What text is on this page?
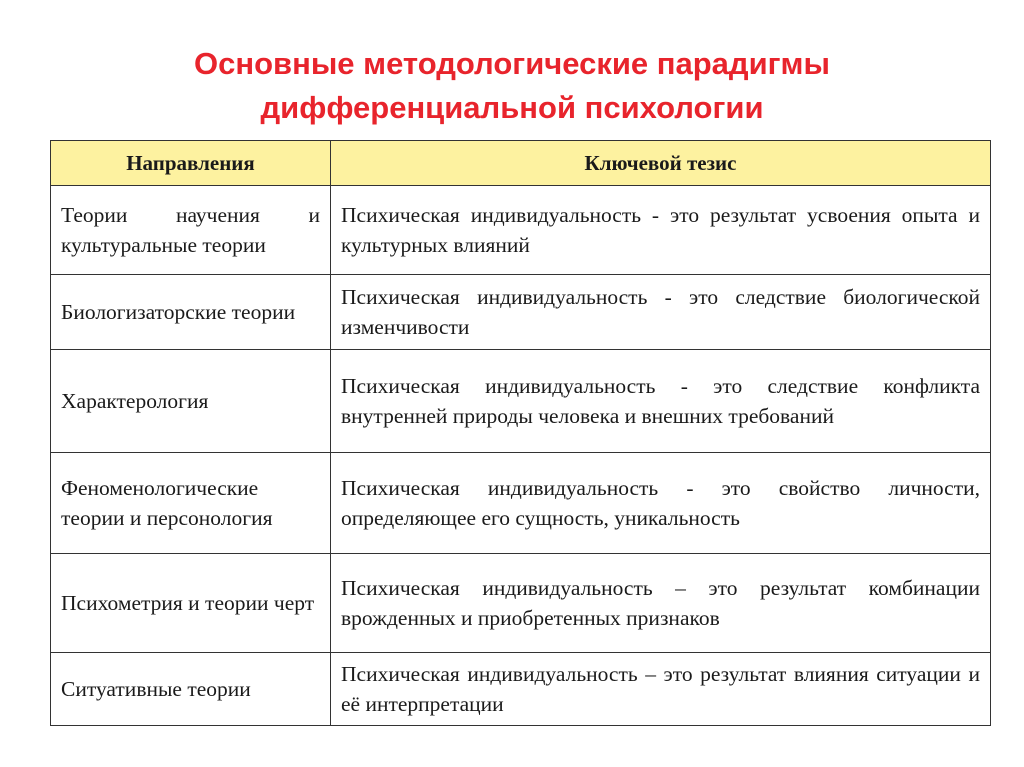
Основные методологические парадигмы
дифференциальной психологии
Направления	Ключевой тезис
Теории научения и культуральные теории	Психическая индивидуальность - это результат усвоения опыта и культурных влияний
Биологизаторские теории	Психическая индивидуальность - это следствие биологической изменчивости
Характерология	Психическая индивидуальность - это следствие конфликта внутренней природы человека и внешних требований
Феноменологические теории и персонология	Психическая индивидуальность - это свойство личности, определяющее его сущность, уникальность
Психометрия и теории черт	Психическая индивидуальность – это результат комбинации врожденных и приобретенных признаков
Ситуативные теории	Психическая индивидуальность – это результат влияния ситуации и её интерпретации
